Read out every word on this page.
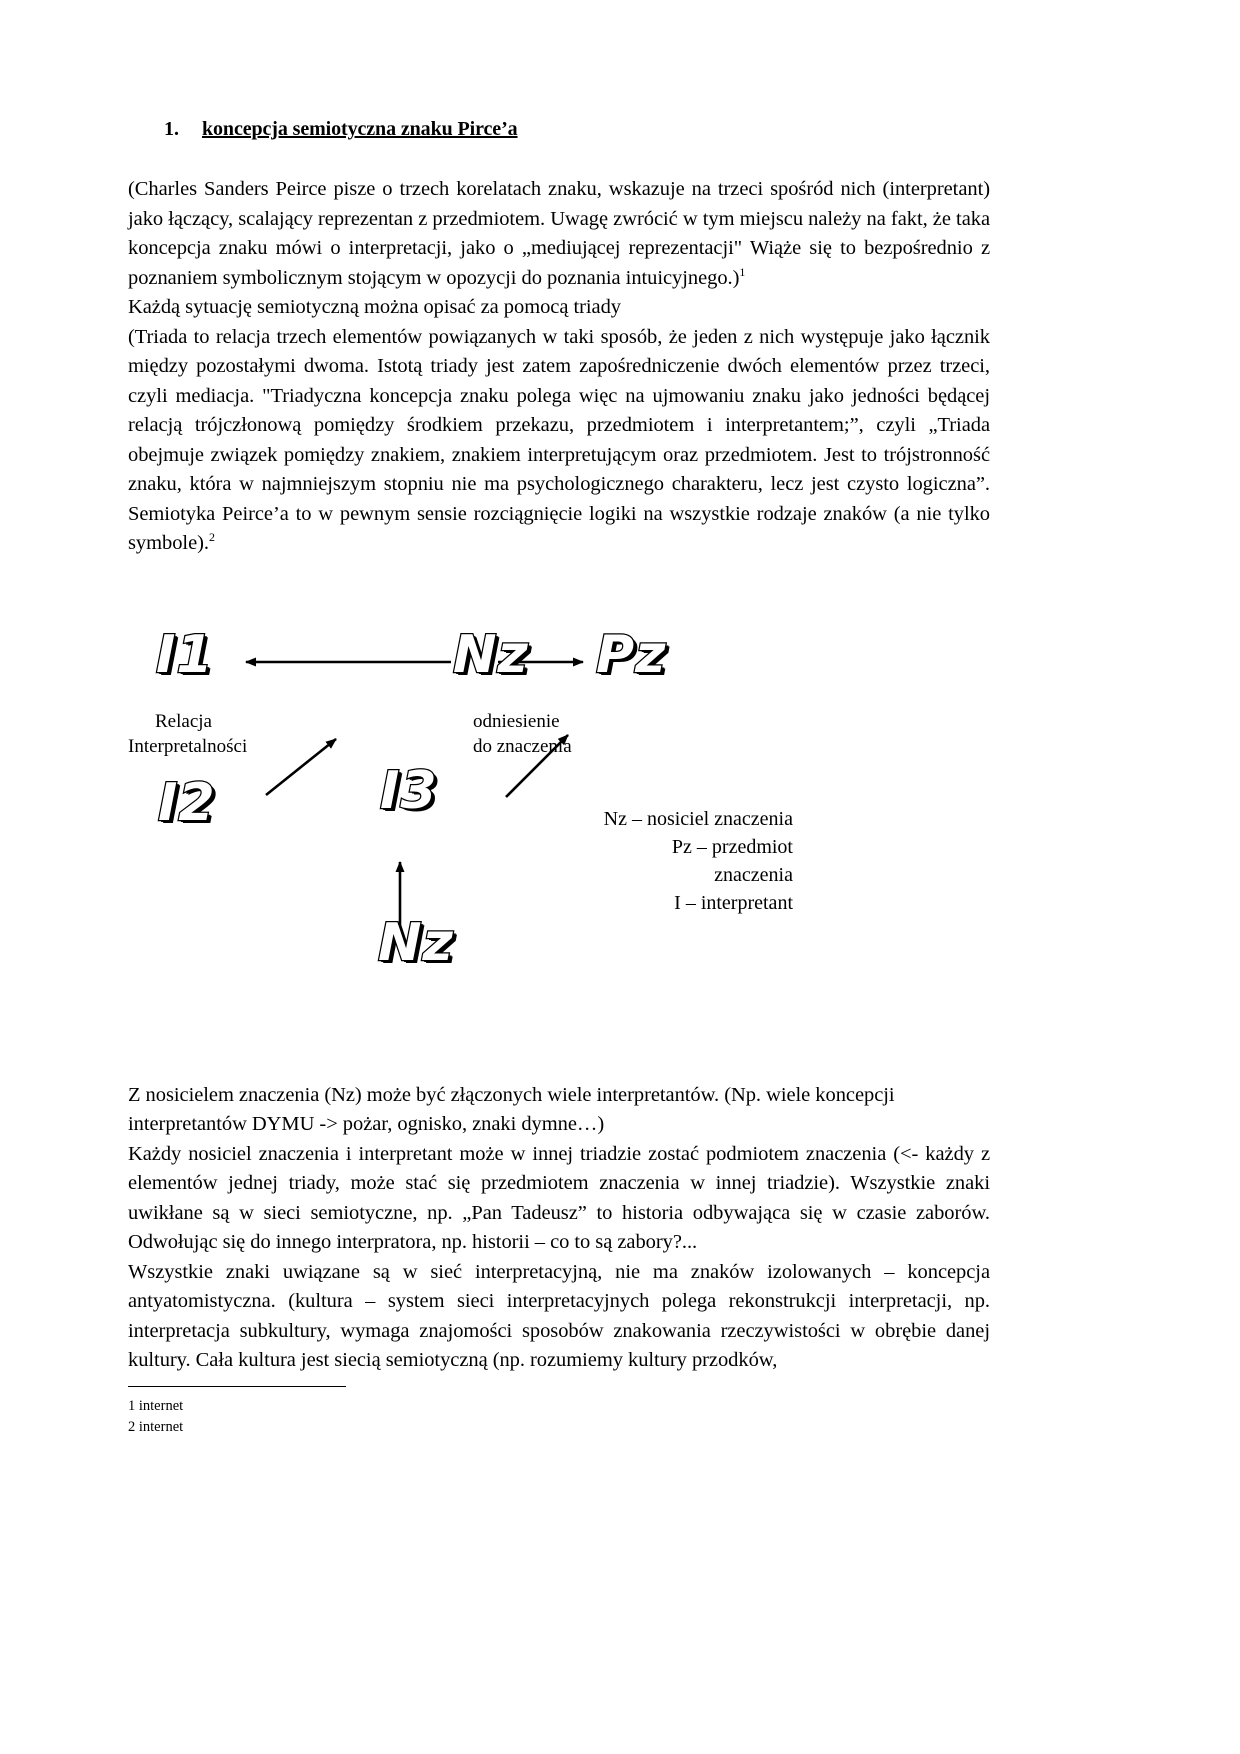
1.	koncepcja semiotyczna znaku Pirce’a

(Charles Sanders Peirce pisze o trzech korelatach znaku, wskazuje na trzeci spośród nich (interpretant) jako łączący, scalający reprezentan z przedmiotem. Uwagę zwrócić w tym miejscu należy na fakt, że taka koncepcja znaku mówi o interpretacji, jako o „mediującej reprezentacji" Wiąże się to bezpośrednio z poznaniem symbolicznym stojącym w opozycji do poznania intuicyjnego.)$^1$

Każdą sytuację semiotyczną można opisać za pomocą triady

(Triada to relacja trzech elementów powiązanych w taki sposób, że jeden z nich występuje jako łącznik między pozostałymi dwoma. Istotą triady jest zatem zapośredniczenie dwóch elementów przez trzeci, czyli mediacja. "Triadyczna koncepcja znaku polega więc na ujmowaniu znaku jako jedności będącej relacją trójczłonową pomiędzy środkiem przekazu, przedmiotem i interpretantem;”, czyli „Triada obejmuje związek pomiędzy znakiem, znakiem interpretującym oraz przedmiotem. Jest to trójstronność znaku, która w najmniejszym stopniu nie ma psychologicznego charakteru, lecz jest czysto logiczna”. Semiotyka Peirce’a to w pewnym sensie rozciągnięcie logiki na wszystkie rodzaje znaków (a nie tylko symbole).$^2$

I1	Nz Pz
I2	I3
Nz
Relacja
Interpretalności
odniesienie
do znaczenia
Nz – nosiciel znaczenia
Pz – przedmiot
znaczenia
I – interpretant

Z nosicielem znaczenia (Nz) może być złączonych wiele interpretantów. (Np. wiele koncepcji interpretantów DYMU -> pożar, ognisko, znaki dymne…)

Każdy nosiciel znaczenia i interpretant może w innej triadzie zostać podmiotem znaczenia (<- każdy z elementów jednej triady, może stać się przedmiotem znaczenia w innej triadzie). Wszystkie znaki uwikłane są w sieci semiotyczne, np. „Pan Tadeusz” to historia odbywająca się w czasie zaborów. Odwołując się do innego interpratora, np. historii – co to są zabory?...

Wszystkie znaki uwiązane są w sieć interpretacyjną, nie ma znaków izolowanych – koncepcja antyatomistyczna. (kultura – system sieci interpretacyjnych polega rekonstrukcji interpretacji, np. interpretacja subkultury, wymaga znajomości sposobów znakowania rzeczywistości w obrębie danej kultury. Cała kultura jest siecią semiotyczną (np. rozumiemy kultury przodków,

1 internet
2 internet
